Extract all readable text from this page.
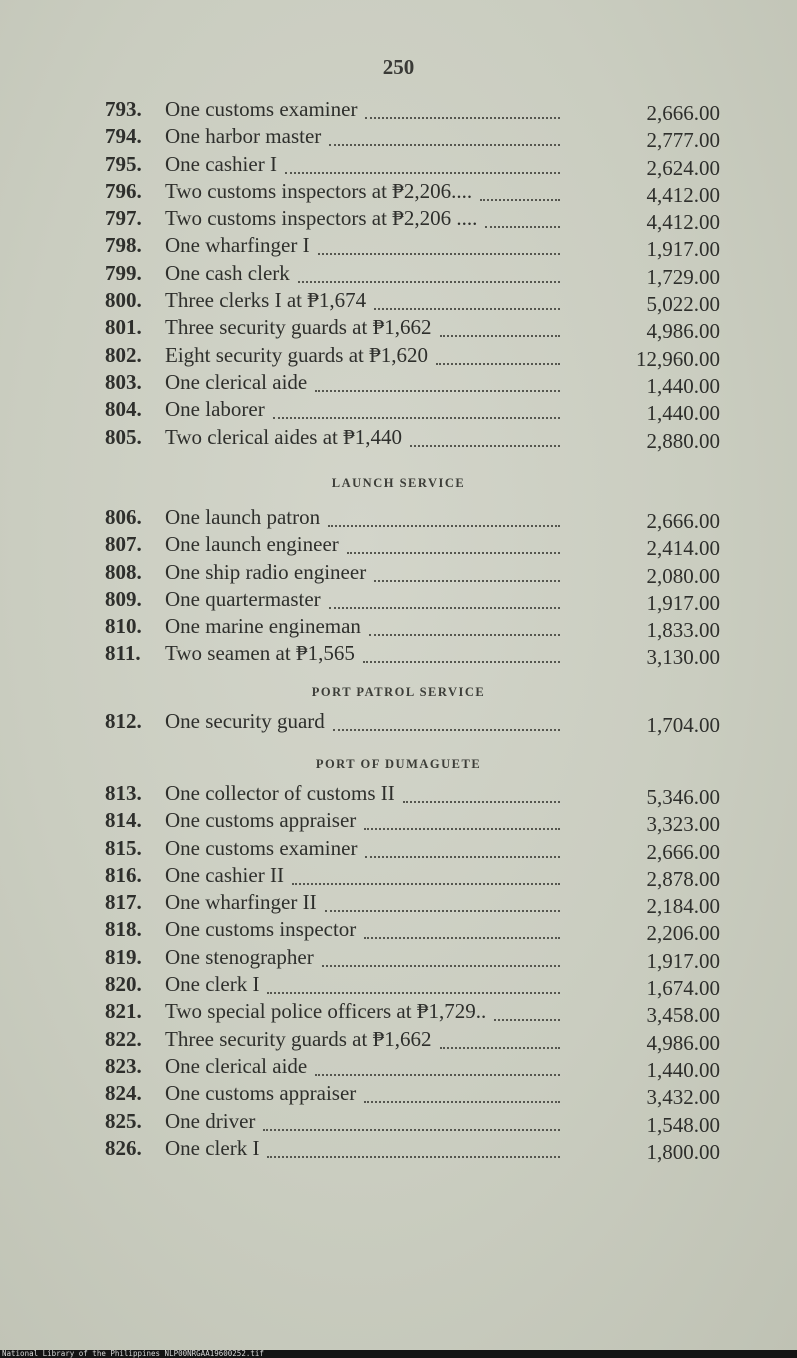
250
793. One customs examiner	2,666.00
794. One harbor master	2,777.00
795. One cashier I	2,624.00
796. Two customs inspectors at ₱2,206....	4,412.00
797. Two customs inspectors at ₱2,206 ....	4,412.00
798. One wharfinger I	1,917.00
799. One cash clerk	1,729.00
800. Three clerks I at ₱1,674	5,022.00
801. Three security guards at ₱1,662	4,986.00
802. Eight security guards at ₱1,620	12,960.00
803. One clerical aide	1,440.00
804. One laborer	1,440.00
805. Two clerical aides at ₱1,440	2,880.00
LAUNCH SERVICE
806. One launch patron	2,666.00
807. One launch engineer	2,414.00
808. One ship radio engineer	2,080.00
809. One quartermaster	1,917.00
810. One marine engineman	1,833.00
811. Two seamen at ₱1,565	3,130.00
PORT PATROL SERVICE
812. One security guard	1,704.00
PORT OF DUMAGUETE
813. One collector of customs II	5,346.00
814. One customs appraiser	3,323.00
815. One customs examiner	2,666.00
816. One cashier II	2,878.00
817. One wharfinger II	2,184.00
818. One customs inspector	2,206.00
819. One stenographer	1,917.00
820. One clerk I	1,674.00
821. Two special police officers at ₱1,729..	3,458.00
822. Three security guards at ₱1,662	4,986.00
823. One clerical aide	1,440.00
824. One customs appraiser	3,432.00
825. One driver	1,548.00
826. One clerk I	1,800.00
National Library of the Philippines NLP00NRGAA19600252.tif
